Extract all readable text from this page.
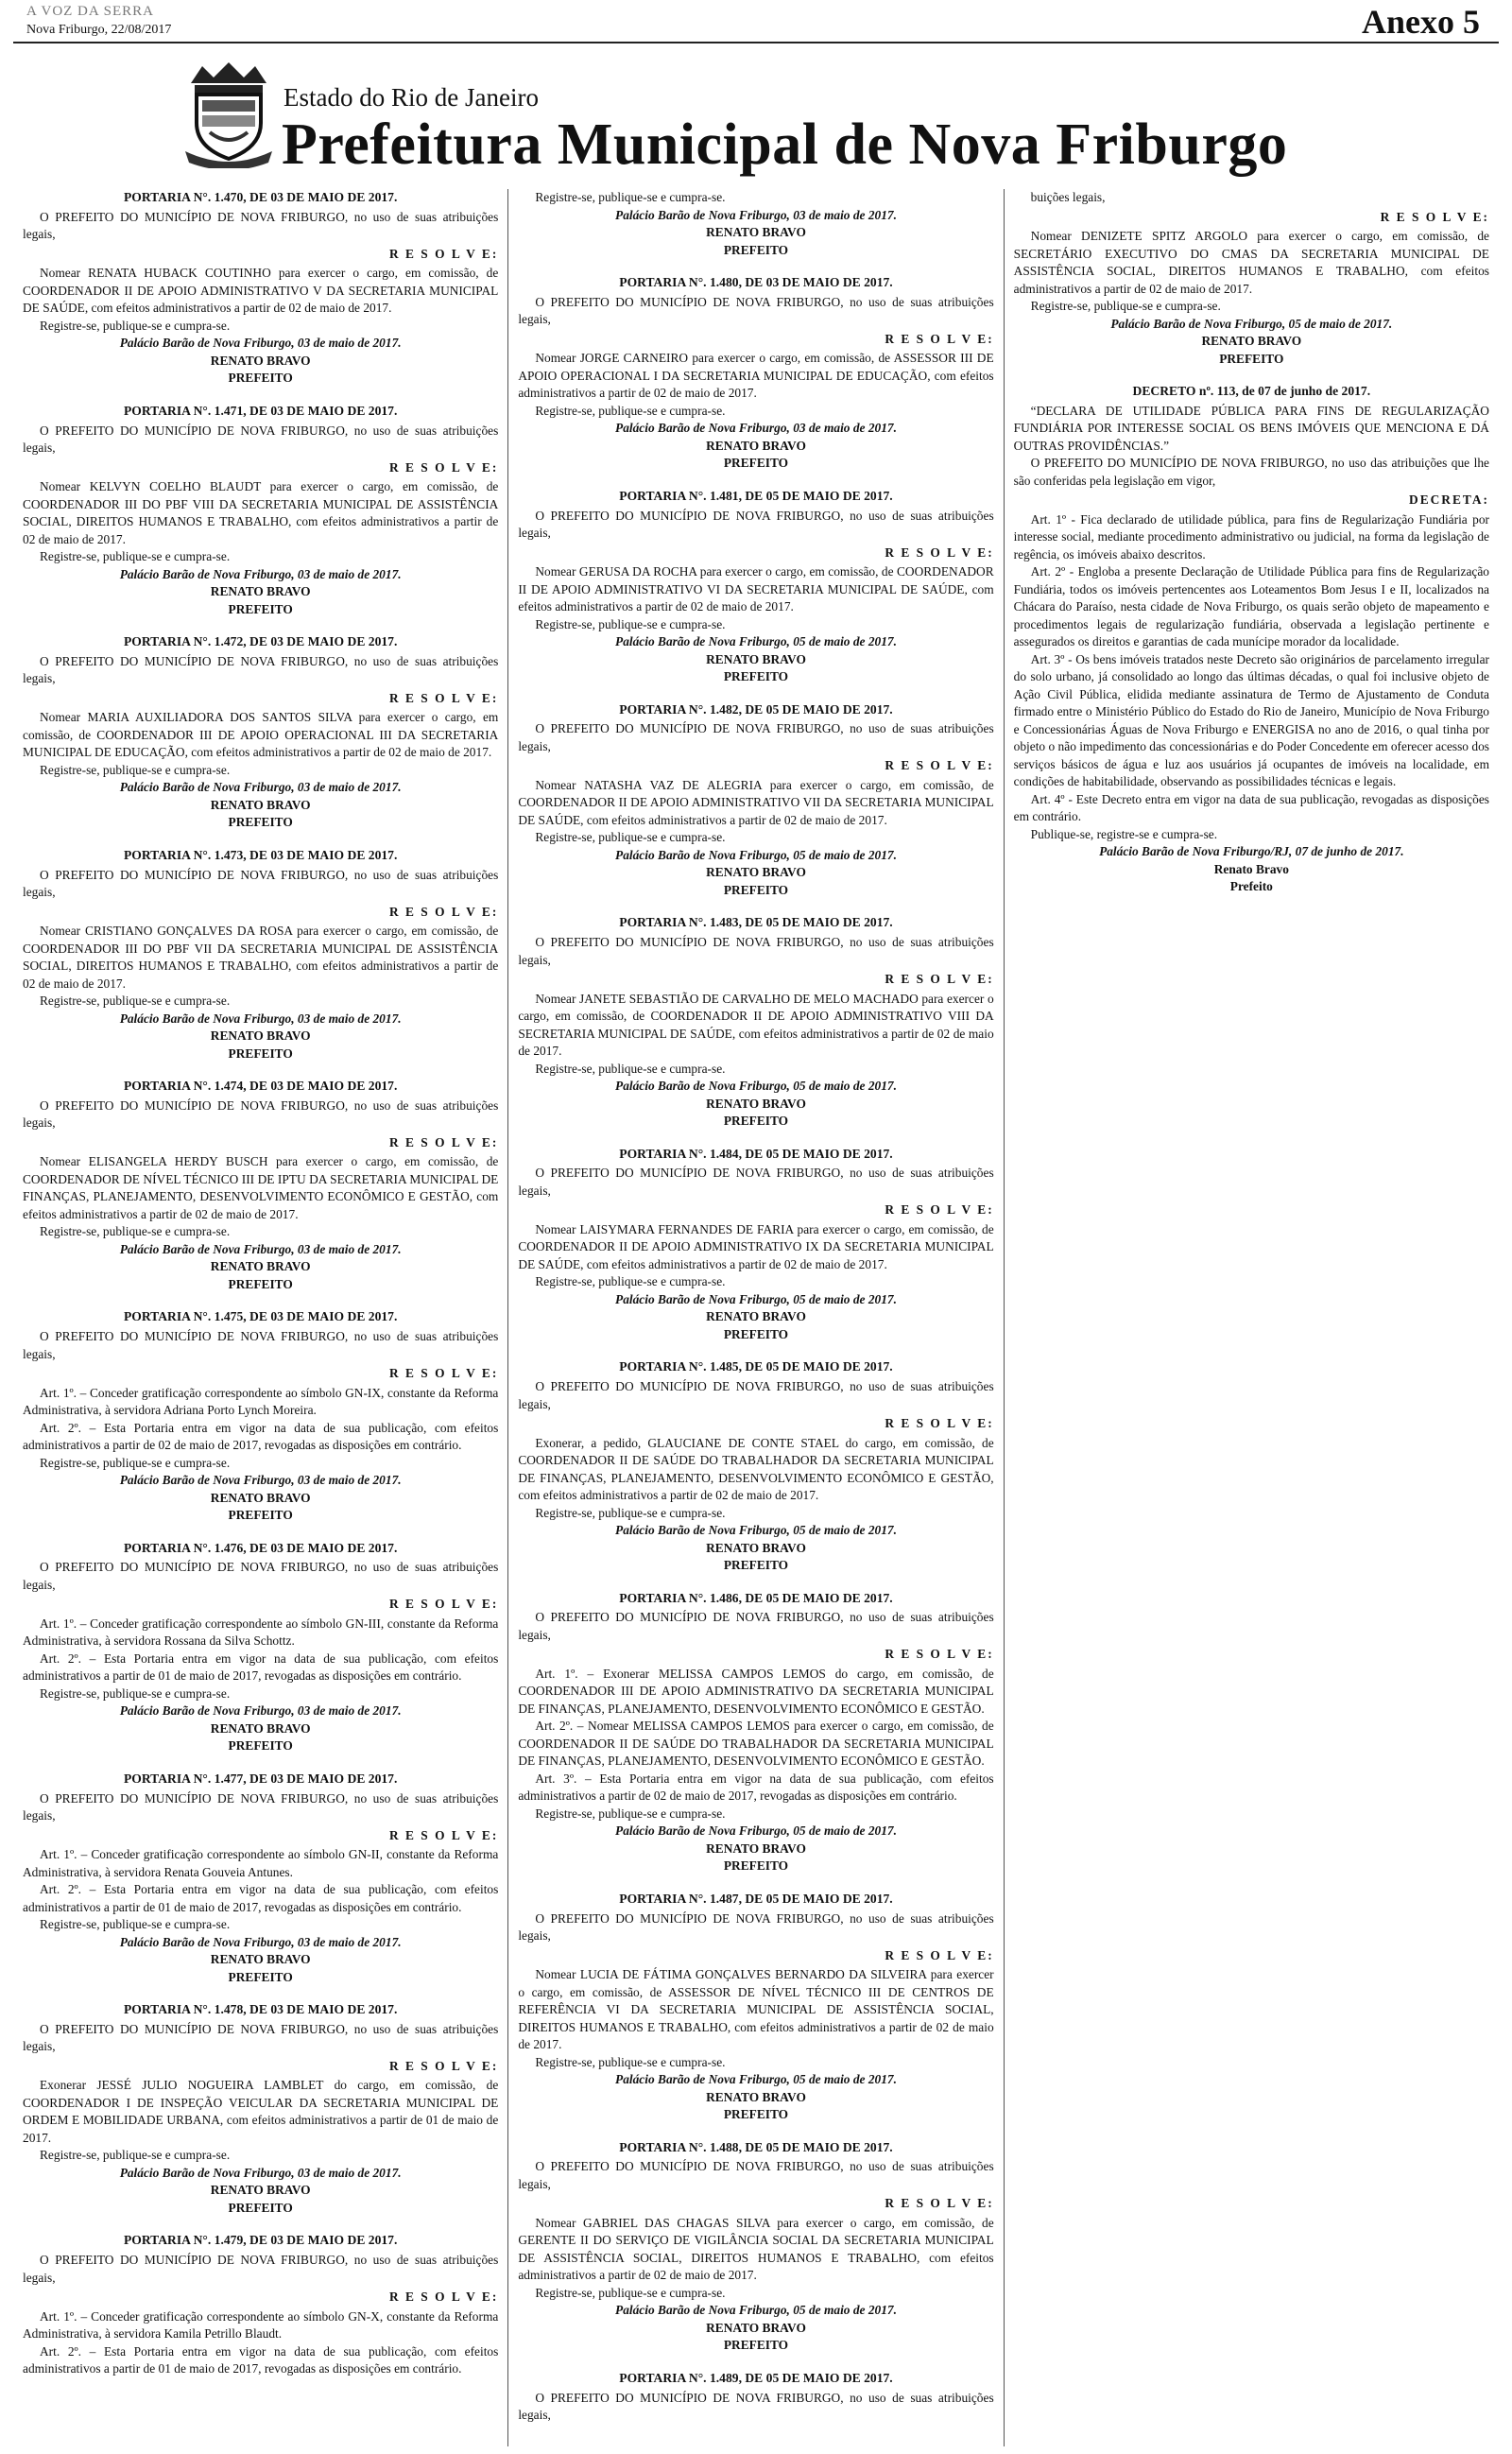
A VOZ DA SERRA
Nova Friburgo, 22/08/2017	Anexo 5
Estado do Rio de Janeiro
Prefeitura Municipal de Nova Friburgo

PORTARIA N°. 1.470, DE 03 DE MAIO DE 2017.

O PREFEITO DO MUNICÍPIO DE NOVA FRIBURGO, no uso de suas atribuições legais,

R E S O L V E:

Nomear RENATA HUBACK COUTINHO para exercer o cargo, em comissão, de COORDENADOR II DE APOIO ADMINISTRATIVO V DA SECRETARIA MUNICIPAL DE SAÚDE, com efeitos administrativos a partir de 02 de maio de 2017.

Registre-se, publique-se e cumpra-se.

Palácio Barão de Nova Friburgo, 03 de maio de 2017.

RENATO BRAVO

PREFEITO

PORTARIA N°. 1.471, DE 03 DE MAIO DE 2017.

O PREFEITO DO MUNICÍPIO DE NOVA FRIBURGO, no uso de suas atribuições legais,

R E S O L V E:

Nomear KELVYN COELHO BLAUDT para exercer o cargo, em comissão, de COORDENADOR III DO PBF VIII DA SECRETARIA MUNICIPAL DE ASSISTÊNCIA SOCIAL, DIREITOS HUMANOS E TRABALHO, com efeitos administrativos a partir de 02 de maio de 2017.

Registre-se, publique-se e cumpra-se.

Palácio Barão de Nova Friburgo, 03 de maio de 2017.

RENATO BRAVO

PREFEITO

PORTARIA N°. 1.472, DE 03 DE MAIO DE 2017.

O PREFEITO DO MUNICÍPIO DE NOVA FRIBURGO, no uso de suas atribuições legais,

R E S O L V E:

Nomear MARIA AUXILIADORA DOS SANTOS SILVA para exercer o cargo, em comissão, de COORDENADOR III DE APOIO OPERACIONAL III DA SECRETARIA MUNICIPAL DE EDUCAÇÃO, com efeitos administrativos a partir de 02 de maio de 2017.

Registre-se, publique-se e cumpra-se.

Palácio Barão de Nova Friburgo, 03 de maio de 2017.

RENATO BRAVO

PREFEITO

PORTARIA N°. 1.473, DE 03 DE MAIO DE 2017.

O PREFEITO DO MUNICÍPIO DE NOVA FRIBURGO, no uso de suas atribuições legais,

R E S O L V E:

Nomear CRISTIANO GONÇALVES DA ROSA para exercer o cargo, em comissão, de COORDENADOR III DO PBF VII DA SECRETARIA MUNICIPAL DE ASSISTÊNCIA SOCIAL, DIREITOS HUMANOS E TRABALHO, com efeitos administrativos a partir de 02 de maio de 2017.

Registre-se, publique-se e cumpra-se.

Palácio Barão de Nova Friburgo, 03 de maio de 2017.

RENATO BRAVO

PREFEITO

PORTARIA N°. 1.474, DE 03 DE MAIO DE 2017.

O PREFEITO DO MUNICÍPIO DE NOVA FRIBURGO, no uso de suas atribuições legais,

R E S O L V E:

Nomear ELISANGELA HERDY BUSCH para exercer o cargo, em comissão, de COORDENADOR DE NÍVEL TÉCNICO III DE IPTU DA SECRETARIA MUNICIPAL DE FINANÇAS, PLANEJAMENTO, DESENVOLVIMENTO ECONÔMICO E GESTÃO, com efeitos administrativos a partir de 02 de maio de 2017.

Registre-se, publique-se e cumpra-se.

Palácio Barão de Nova Friburgo, 03 de maio de 2017.

RENATO BRAVO

PREFEITO

PORTARIA N°. 1.475, DE 03 DE MAIO DE 2017.

O PREFEITO DO MUNICÍPIO DE NOVA FRIBURGO, no uso de suas atribuições legais,

R E S O L V E:

Art. 1º. – Conceder gratificação correspondente ao símbolo GN-IX, constante da Reforma Administrativa, à servidora Adriana Porto Lynch Moreira.

Art. 2º. – Esta Portaria entra em vigor na data de sua publicação, com efeitos administrativos a partir de 02 de maio de 2017, revogadas as disposições em contrário.

Registre-se, publique-se e cumpra-se.

Palácio Barão de Nova Friburgo, 03 de maio de 2017.

RENATO BRAVO

PREFEITO

PORTARIA N°. 1.476, DE 03 DE MAIO DE 2017.

O PREFEITO DO MUNICÍPIO DE NOVA FRIBURGO, no uso de suas atribuições legais,

R E S O L V E:

Art. 1º. – Conceder gratificação correspondente ao símbolo GN-III, constante da Reforma Administrativa, à servidora Rossana da Silva Schottz.

Art. 2º. – Esta Portaria entra em vigor na data de sua publicação, com efeitos administrativos a partir de 01 de maio de 2017, revogadas as disposições em contrário.

Registre-se, publique-se e cumpra-se.

Palácio Barão de Nova Friburgo, 03 de maio de 2017.

RENATO BRAVO

PREFEITO

PORTARIA N°. 1.477, DE 03 DE MAIO DE 2017.

O PREFEITO DO MUNICÍPIO DE NOVA FRIBURGO, no uso de suas atribuições legais,

R E S O L V E:

Art. 1º. – Conceder gratificação correspondente ao símbolo GN-II, constante da Reforma Administrativa, à servidora Renata Gouveia Antunes.

Art. 2º. – Esta Portaria entra em vigor na data de sua publicação, com efeitos administrativos a partir de 01 de maio de 2017, revogadas as disposições em contrário.

Registre-se, publique-se e cumpra-se.

Palácio Barão de Nova Friburgo, 03 de maio de 2017.

RENATO BRAVO

PREFEITO

PORTARIA N°. 1.478, DE 03 DE MAIO DE 2017.

O PREFEITO DO MUNICÍPIO DE NOVA FRIBURGO, no uso de suas atribuições legais,

R E S O L V E:

Exonerar JESSÉ JULIO NOGUEIRA LAMBLET do cargo, em comissão, de COORDENADOR I DE INSPEÇÃO VEICULAR DA SECRETARIA MUNICIPAL DE ORDEM E MOBILIDADE URBANA, com efeitos administrativos a partir de 01 de maio de 2017.

Registre-se, publique-se e cumpra-se.

Palácio Barão de Nova Friburgo, 03 de maio de 2017.

RENATO BRAVO

PREFEITO

PORTARIA N°. 1.479, DE 03 DE MAIO DE 2017.

O PREFEITO DO MUNICÍPIO DE NOVA FRIBURGO, no uso de suas atribuições legais,

R E S O L V E:

Art. 1º. – Conceder gratificação correspondente ao símbolo GN-X, constante da Reforma Administrativa, à servidora Kamila Petrillo Blaudt.

Art. 2º. – Esta Portaria entra em vigor na data de sua publicação, com efeitos administrativos a partir de 01 de maio de 2017, revogadas as disposições em contrário.

Registre-se, publique-se e cumpra-se.

Palácio Barão de Nova Friburgo, 03 de maio de 2017.

RENATO BRAVO

PREFEITO

PORTARIA N°. 1.480, DE 03 DE MAIO DE 2017.

O PREFEITO DO MUNICÍPIO DE NOVA FRIBURGO, no uso de suas atribuições legais,

R E S O L V E:

Nomear JORGE CARNEIRO para exercer o cargo, em comissão, de ASSESSOR III DE APOIO OPERACIONAL I DA SECRETARIA MUNICIPAL DE EDUCAÇÃO, com efeitos administrativos a partir de 02 de maio de 2017.

Registre-se, publique-se e cumpra-se.

Palácio Barão de Nova Friburgo, 03 de maio de 2017.

RENATO BRAVO

PREFEITO

PORTARIA N°. 1.481, DE 05 DE MAIO DE 2017.

O PREFEITO DO MUNICÍPIO DE NOVA FRIBURGO, no uso de suas atribuições legais,

R E S O L V E:

Nomear GERUSA DA ROCHA para exercer o cargo, em comissão, de COORDENADOR II DE APOIO ADMINISTRATIVO VI DA SECRETARIA MUNICIPAL DE SAÚDE, com efeitos administrativos a partir de 02 de maio de 2017.

Registre-se, publique-se e cumpra-se.

Palácio Barão de Nova Friburgo, 05 de maio de 2017.

RENATO BRAVO

PREFEITO

PORTARIA N°. 1.482, DE 05 DE MAIO DE 2017.

O PREFEITO DO MUNICÍPIO DE NOVA FRIBURGO, no uso de suas atribuições legais,

R E S O L V E:

Nomear NATASHA VAZ DE ALEGRIA para exercer o cargo, em comissão, de COORDENADOR II DE APOIO ADMINISTRATIVO VII DA SECRETARIA MUNICIPAL DE SAÚDE, com efeitos administrativos a partir de 02 de maio de 2017.

Registre-se, publique-se e cumpra-se.

Palácio Barão de Nova Friburgo, 05 de maio de 2017.

RENATO BRAVO

PREFEITO

PORTARIA N°. 1.483, DE 05 DE MAIO DE 2017.

O PREFEITO DO MUNICÍPIO DE NOVA FRIBURGO, no uso de suas atribuições legais,

R E S O L V E:

Nomear JANETE SEBASTIÃO DE CARVALHO DE MELO MACHADO para exercer o cargo, em comissão, de COORDENADOR II DE APOIO ADMINISTRATIVO VIII DA SECRETARIA MUNICIPAL DE SAÚDE, com efeitos administrativos a partir de 02 de maio de 2017.

Registre-se, publique-se e cumpra-se.

Palácio Barão de Nova Friburgo, 05 de maio de 2017.

RENATO BRAVO

PREFEITO

PORTARIA N°. 1.484, DE 05 DE MAIO DE 2017.

O PREFEITO DO MUNICÍPIO DE NOVA FRIBURGO, no uso de suas atribuições legais,

R E S O L V E:

Nomear LAISYMARA FERNANDES DE FARIA para exercer o cargo, em comissão, de COORDENADOR II DE APOIO ADMINISTRATIVO IX DA SECRETARIA MUNICIPAL DE SAÚDE, com efeitos administrativos a partir de 02 de maio de 2017.

Registre-se, publique-se e cumpra-se.

Palácio Barão de Nova Friburgo, 05 de maio de 2017.

RENATO BRAVO

PREFEITO

PORTARIA N°. 1.485, DE 05 DE MAIO DE 2017.

O PREFEITO DO MUNICÍPIO DE NOVA FRIBURGO, no uso de suas atribuições legais,

R E S O L V E:

Exonerar, a pedido, GLAUCIANE DE CONTE STAEL do cargo, em comissão, de COORDENADOR II DE SAÚDE DO TRABALHADOR DA SECRETARIA MUNICIPAL DE FINANÇAS, PLANEJAMENTO, DESENVOLVIMENTO ECONÔMICO E GESTÃO, com efeitos administrativos a partir de 02 de maio de 2017.

Registre-se, publique-se e cumpra-se.

Palácio Barão de Nova Friburgo, 05 de maio de 2017.

RENATO BRAVO

PREFEITO

PORTARIA N°. 1.486, DE 05 DE MAIO DE 2017.

O PREFEITO DO MUNICÍPIO DE NOVA FRIBURGO, no uso de suas atribuições legais,

R E S O L V E:

Art. 1º. – Exonerar MELISSA CAMPOS LEMOS do cargo, em comissão, de COORDENADOR III DE APOIO ADMINISTRATIVO DA SECRETARIA MUNICIPAL DE FINANÇAS, PLANEJAMENTO, DESENVOLVIMENTO ECONÔMICO E GESTÃO.

Art. 2º. – Nomear MELISSA CAMPOS LEMOS para exercer o cargo, em comissão, de COORDENADOR II DE SAÚDE DO TRABALHADOR DA SECRETARIA MUNICIPAL DE FINANÇAS, PLANEJAMENTO, DESENVOLVIMENTO ECONÔMICO E GESTÃO.

Art. 3º. – Esta Portaria entra em vigor na data de sua publicação, com efeitos administrativos a partir de 02 de maio de 2017, revogadas as disposições em contrário.

Registre-se, publique-se e cumpra-se.

Palácio Barão de Nova Friburgo, 05 de maio de 2017.

RENATO BRAVO

PREFEITO

PORTARIA N°. 1.487, DE 05 DE MAIO DE 2017.

O PREFEITO DO MUNICÍPIO DE NOVA FRIBURGO, no uso de suas atribuições legais,

R E S O L V E:

Nomear LUCIA DE FÁTIMA GONÇALVES BERNARDO DA SILVEIRA para exercer o cargo, em comissão, de ASSESSOR DE NÍVEL TÉCNICO III DE CENTROS DE REFERÊNCIA VI DA SECRETARIA MUNICIPAL DE ASSISTÊNCIA SOCIAL, DIREITOS HUMANOS E TRABALHO, com efeitos administrativos a partir de 02 de maio de 2017.

Registre-se, publique-se e cumpra-se.

Palácio Barão de Nova Friburgo, 05 de maio de 2017.

RENATO BRAVO

PREFEITO

PORTARIA N°. 1.488, DE 05 DE MAIO DE 2017.

O PREFEITO DO MUNICÍPIO DE NOVA FRIBURGO, no uso de suas atribuições legais,

R E S O L V E:

Nomear GABRIEL DAS CHAGAS SILVA para exercer o cargo, em comissão, de GERENTE II DO SERVIÇO DE VIGILÂNCIA SOCIAL DA SECRETARIA MUNICIPAL DE ASSISTÊNCIA SOCIAL, DIREITOS HUMANOS E TRABALHO, com efeitos administrativos a partir de 02 de maio de 2017.

Registre-se, publique-se e cumpra-se.

Palácio Barão de Nova Friburgo, 05 de maio de 2017.

RENATO BRAVO

PREFEITO

PORTARIA N°. 1.489, DE 05 DE MAIO DE 2017.

O PREFEITO DO MUNICÍPIO DE NOVA FRIBURGO, no uso de suas atribuições legais,

buições legais,

R E S O L V E:

Nomear DENIZETE SPITZ ARGOLO para exercer o cargo, em comissão, de SECRETÁRIO EXECUTIVO DO CMAS DA SECRETARIA MUNICIPAL DE ASSISTÊNCIA SOCIAL, DIREITOS HUMANOS E TRABALHO, com efeitos administrativos a partir de 02 de maio de 2017.

Registre-se, publique-se e cumpra-se.

Palácio Barão de Nova Friburgo, 05 de maio de 2017.

RENATO BRAVO

PREFEITO

DECRETO nº. 113, de 07 de junho de 2017.

“DECLARA DE UTILIDADE PÚBLICA PARA FINS DE REGULARIZAÇÃO FUNDIÁRIA POR INTERESSE SOCIAL OS BENS IMÓVEIS QUE MENCIONA E DÁ OUTRAS PROVIDÊNCIAS.”

O PREFEITO DO MUNICÍPIO DE NOVA FRIBURGO, no uso das atribuições que lhe são conferidas pela legislação em vigor,

DECRETA:

Art. 1º - Fica declarado de utilidade pública, para fins de Regularização Fundiária por interesse social, mediante procedimento administrativo ou judicial, na forma da legislação de regência, os imóveis abaixo descritos.

Art. 2º - Engloba a presente Declaração de Utilidade Pública para fins de Regularização Fundiária, todos os imóveis pertencentes aos Loteamentos Bom Jesus I e II, localizados na Chácara do Paraíso, nesta cidade de Nova Friburgo, os quais serão objeto de mapeamento e procedimentos legais de regularização fundiária, observada a legislação pertinente e assegurados os direitos e garantias de cada munícipe morador da localidade.

Art. 3º - Os bens imóveis tratados neste Decreto são originários de parcelamento irregular do solo urbano, já consolidado ao longo das últimas décadas, o qual foi inclusive objeto de Ação Civil Pública, elidida mediante assinatura de Termo de Ajustamento de Conduta firmado entre o Ministério Público do Estado do Rio de Janeiro, Município de Nova Friburgo e Concessionárias Águas de Nova Friburgo e ENERGISA no ano de 2016, o qual tinha por objeto o não impedimento das concessionárias e do Poder Concedente em oferecer acesso dos serviços básicos de água e luz aos usuários já ocupantes de imóveis na localidade, em condições de habitabilidade, observando as possibilidades técnicas e legais.

Art. 4º - Este Decreto entra em vigor na data de sua publicação, revogadas as disposições em contrário.

Publique-se, registre-se e cumpra-se.

Palácio Barão de Nova Friburgo/RJ, 07 de junho de 2017.

Renato Bravo

Prefeito
